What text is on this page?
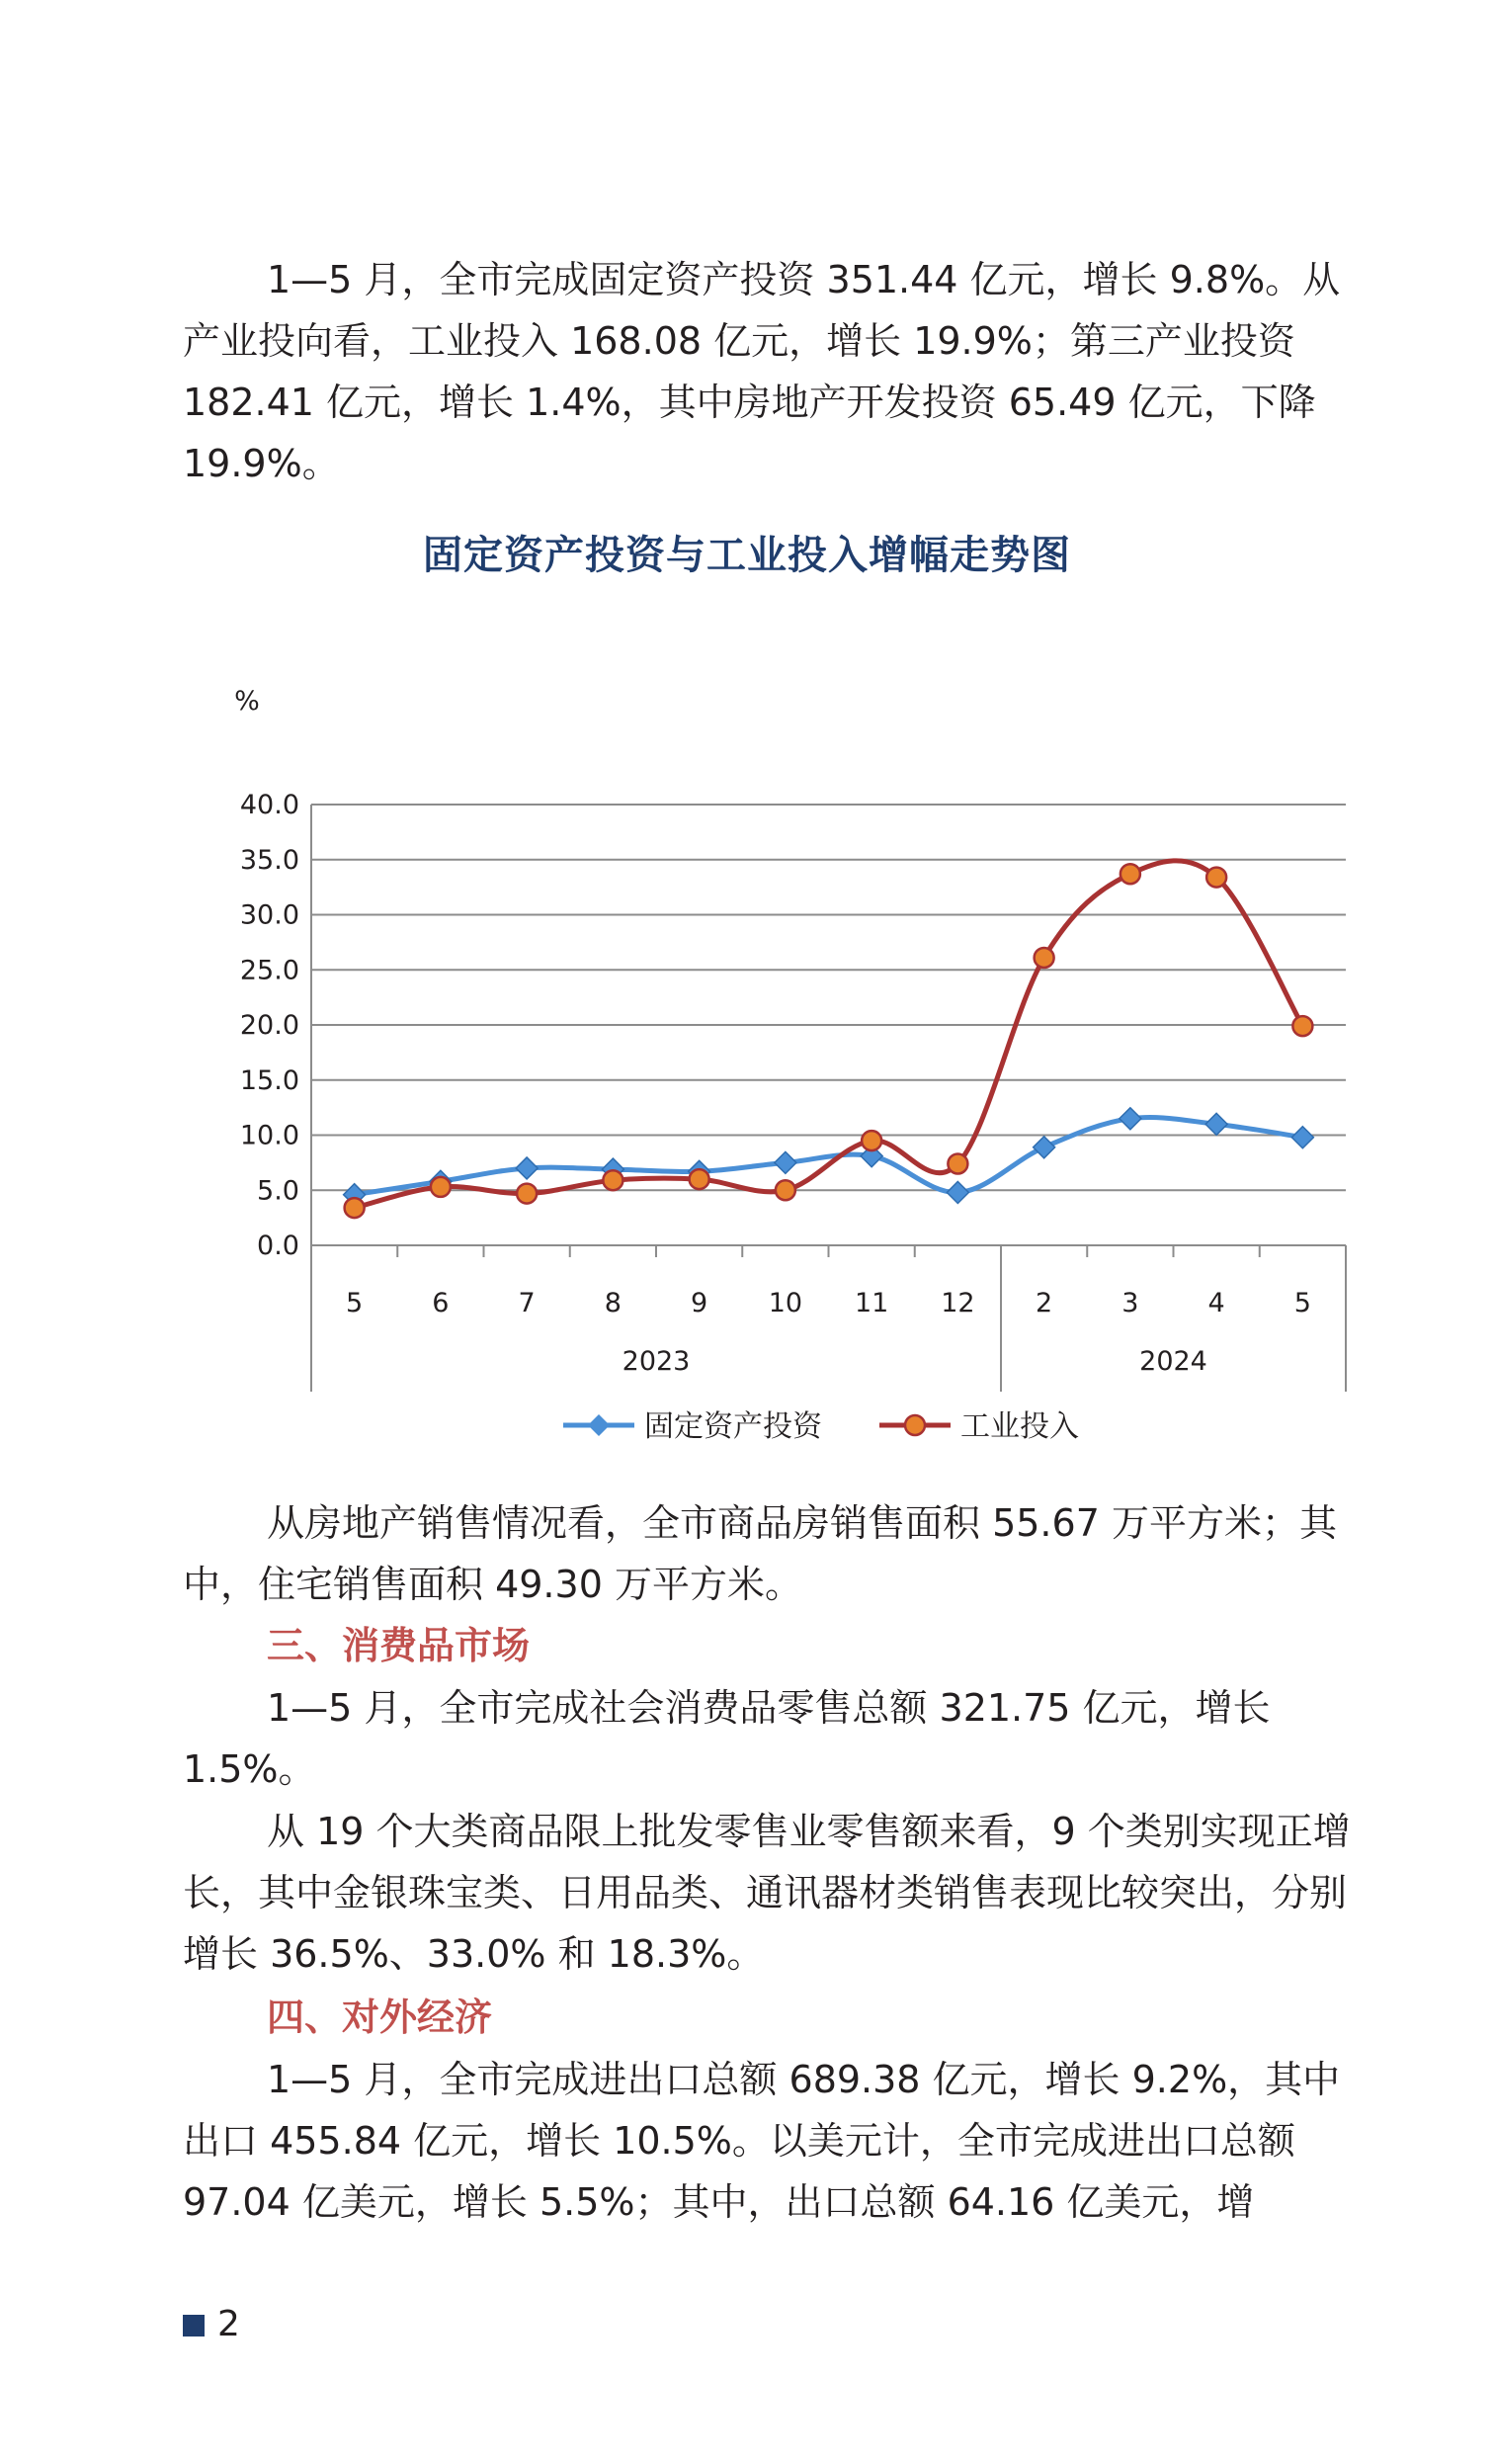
1—5 月，全市完成固定资产投资 351.44 亿元，增长 9.8%。从产业投向看，工业投入 168.08 亿元，增长 19.9%；第三产业投资 182.41 亿元，增长 1.4%，其中房地产开发投资 65.49 亿元，下降 19.9%。

固定资产投资与工业投入增幅走势图
%
0.0
5.0
10.0
15.0
20.0
25.0
30.0
35.0
40.0
5	6	7	8	9 10 11 12 2	3	4	5
2023	2024
固定资产投资	工业投入

从房地产销售情况看，全市商品房销售面积 55.67 万平方米；其中，住宅销售面积 49.30 万平方米。

三、消费品市场

1—5 月，全市完成社会消费品零售总额 321.75 亿元，增长 1.5%。

从 19 个大类商品限上批发零售业零售额来看，9 个类别实现正增长，其中金银珠宝类、日用品类、通讯器材类销售表现比较突出，分别增长 36.5%、33.0% 和 18.3%。

四、对外经济

1—5 月，全市完成进出口总额 689.38 亿元，增长 9.2%，其中出口 455.84 亿元，增长 10.5%。以美元计，全市完成进出口总额 97.04 亿美元，增长 5.5%；其中，出口总额 64.16 亿美元，增

2
